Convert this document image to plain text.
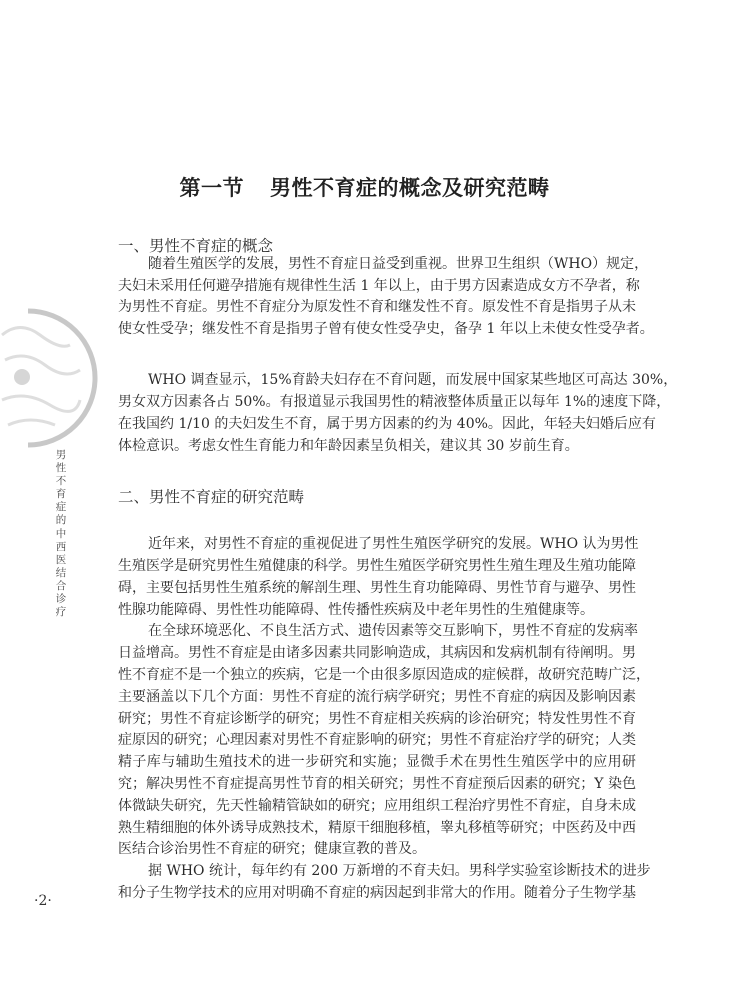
第一节 男性不育症的概念及研究范畴
男
性
不
育
症
的
中
西
医
结
合
诊
疗
一、男性不育症的概念
随着生殖医学的发展，男性不育症日益受到重视。世界卫生组织（WHO）规定，
夫妇未采用任何避孕措施有规律性生活 1 年以上，由于男方因素造成女方不孕者，称
为男性不育症。男性不育症分为原发性不育和继发性不育。原发性不育是指男子从未
使女性受孕；继发性不育是指男子曾有使女性受孕史，备孕 1 年以上未使女性受孕者。
WHO 调查显示，15%育龄夫妇存在不育问题，而发展中国家某些地区可高达 30%，
男女双方因素各占 50%。有报道显示我国男性的精液整体质量正以每年 1%的速度下降，
在我国约 1/10 的夫妇发生不育，属于男方因素的约为 40%。因此，年轻夫妇婚后应有
体检意识。考虑女性生育能力和年龄因素呈负相关，建议其 30 岁前生育。
二、男性不育症的研究范畴
近年来，对男性不育症的重视促进了男性生殖医学研究的发展。WHO 认为男性
生殖医学是研究男性生殖健康的科学。男性生殖医学研究男性生殖生理及生殖功能障
碍，主要包括男性生殖系统的解剖生理、男性生育功能障碍、男性节育与避孕、男性
性腺功能障碍、男性性功能障碍、性传播性疾病及中老年男性的生殖健康等。
在全球环境恶化、不良生活方式、遗传因素等交互影响下，男性不育症的发病率
日益增高。男性不育症是由诸多因素共同影响造成，其病因和发病机制有待阐明。男
性不育症不是一个独立的疾病，它是一个由很多原因造成的症候群，故研究范畴广泛，
主要涵盖以下几个方面：男性不育症的流行病学研究；男性不育症的病因及影响因素
研究；男性不育症诊断学的研究；男性不育症相关疾病的诊治研究；特发性男性不育
症原因的研究；心理因素对男性不育症影响的研究；男性不育症治疗学的研究；人类
精子库与辅助生殖技术的进一步研究和实施；显微手术在男性生殖医学中的应用研
究；解决男性不育症提高男性节育的相关研究；男性不育症预后因素的研究；Y 染色
体微缺失研究，先天性输精管缺如的研究；应用组织工程治疗男性不育症，自身未成
熟生精细胞的体外诱导成熟技术，精原干细胞移植，睾丸移植等研究；中医药及中西
医结合诊治男性不育症的研究；健康宣教的普及。
据 WHO 统计，每年约有 200 万新增的不育夫妇。男科学实验室诊断技术的进步
和分子生物学技术的应用对明确不育症的病因起到非常大的作用。随着分子生物学基
·2·
